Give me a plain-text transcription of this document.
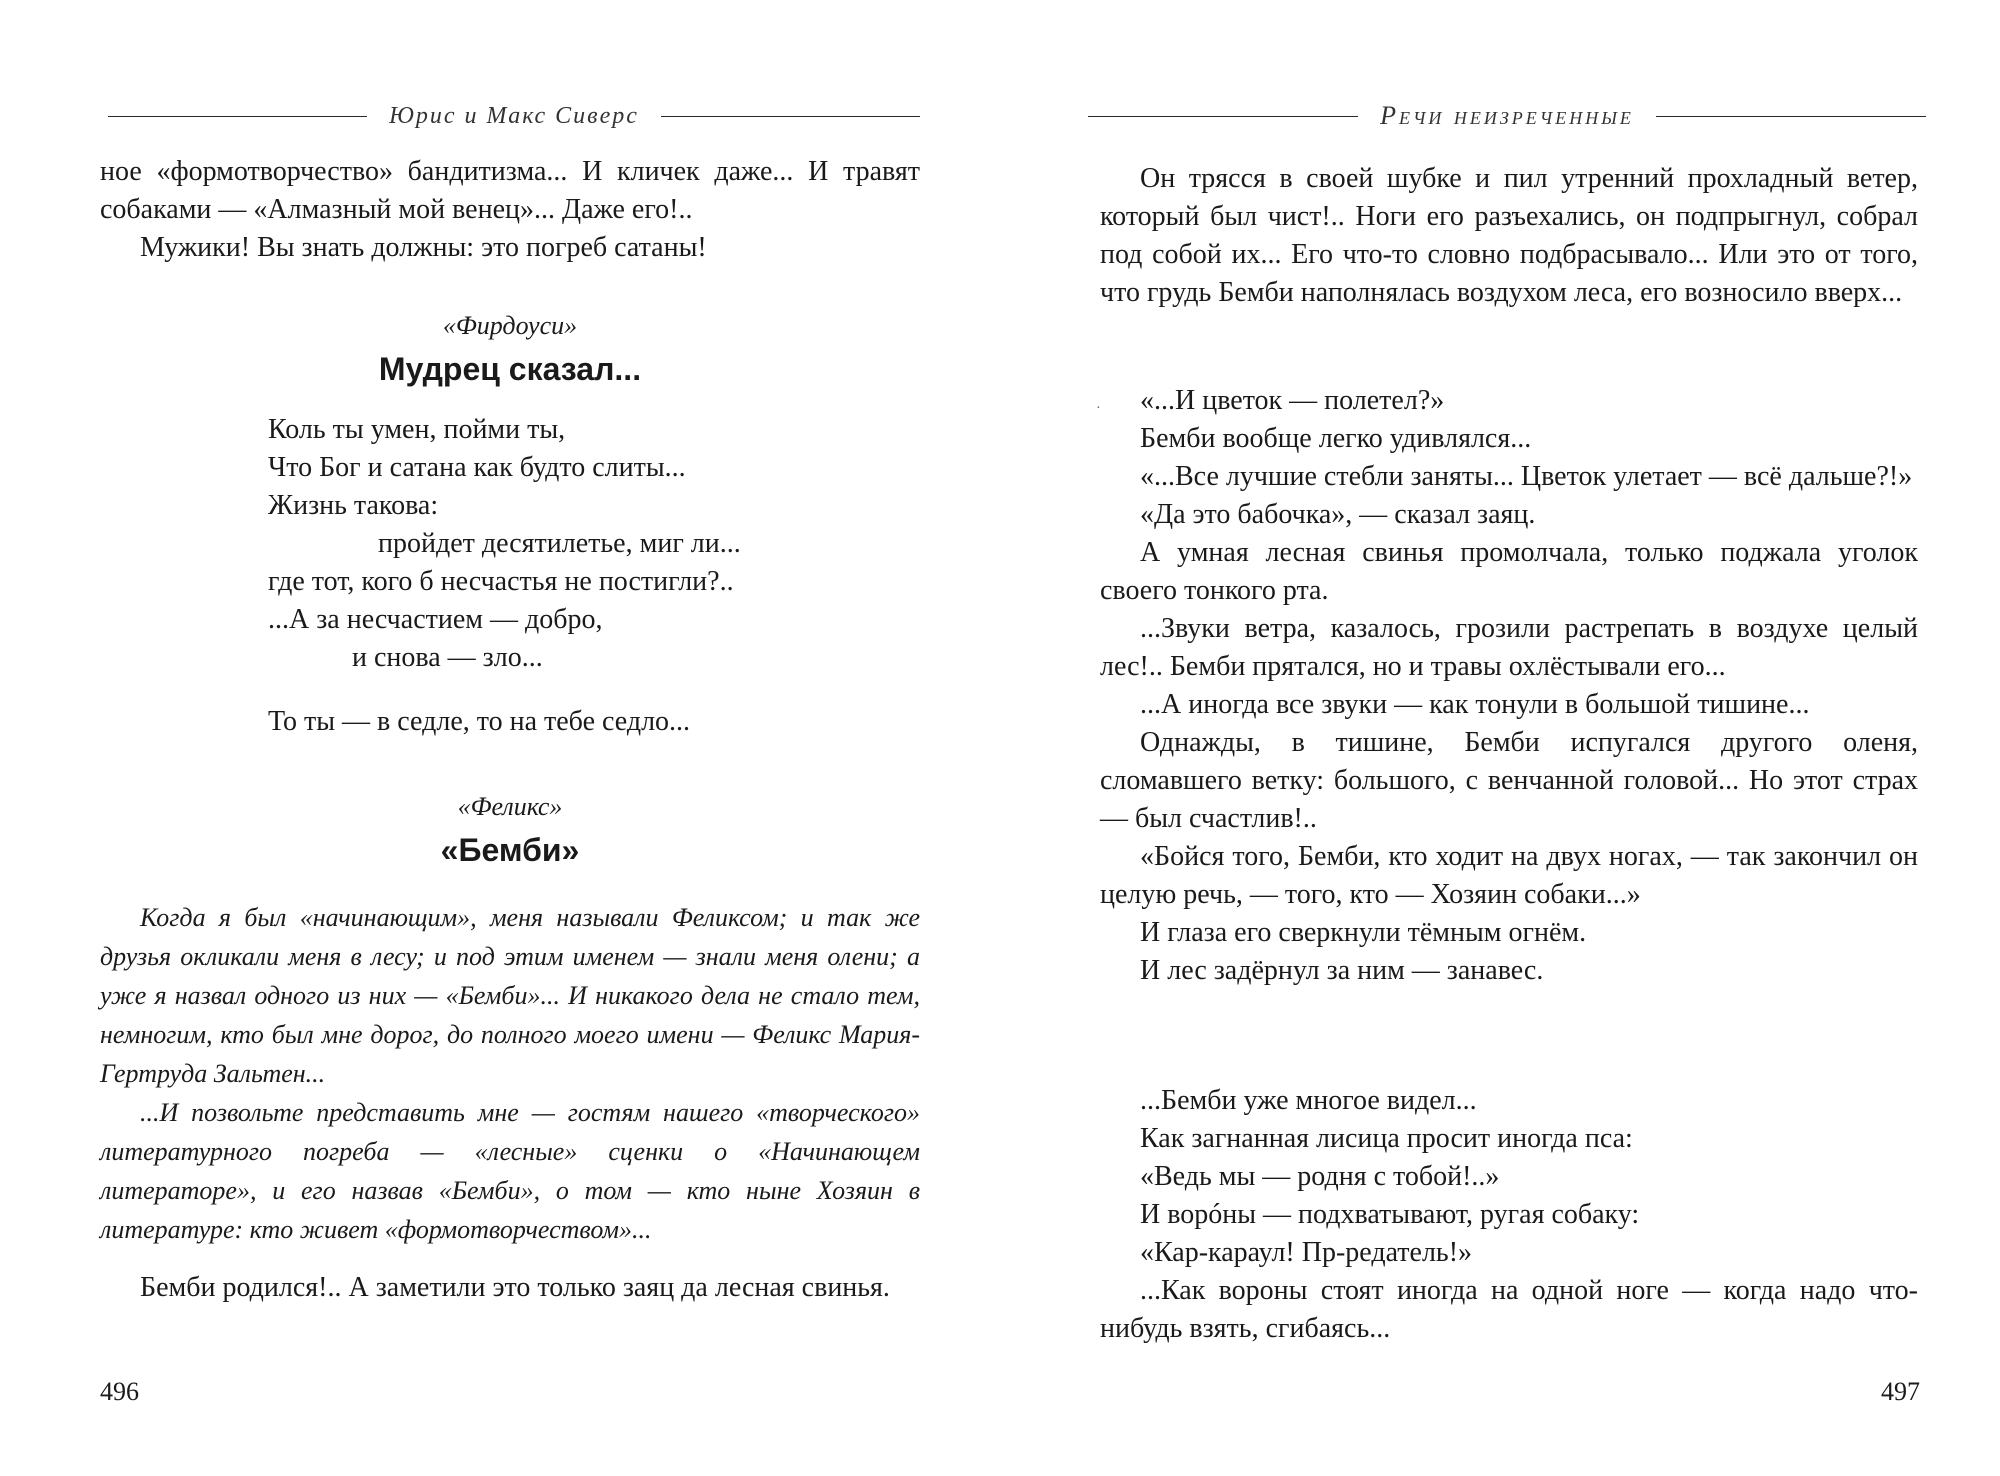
Юрис и Макс Сиверс

ное «формотворчество» бандитизма... И кличек даже... И травят собаками — «Алмазный мой венец»... Даже его!..

Мужики! Вы знать должны: это погреб сатаны!

«Фирдоуси»
Мудрец сказал...
Коль ты умен, пойми ты,
Что Бог и сатана как будто слиты...
Жизнь такова:
пройдет десятилетье, миг ли...
где тот, кого б несчастья не постигли?..
...А за несчастием — добро,
и снова — зло...
То ты — в седле, то на тебе седло...
«Феликс»
«Бемби»

Когда я был «начинающим», меня называли Феликсом; и так же друзья окликали меня в лесу; и под этим именем — знали меня олени; а уже я назвал одного из них — «Бемби»... И никакого дела не стало тем, немногим, кто был мне дорог, до полного моего имени — Феликс Мария-Гертруда Зальтен...

...И позвольте представить мне — гостям нашего «творческого» литературного погреба — «лесные» сценки о «Начинающем литераторе», и его назвав «Бемби», о том — кто ныне Хозяин в литературе: кто живет «формотворчеством»...

Бемби родился!.. А заметили это только заяц да лесная свинья.

496
Речи неизреченные

Он трясся в своей шубке и пил утренний прохладный ветер, который был чист!.. Ноги его разъехались, он подпрыгнул, собрал под собой их... Его что-то словно подбрасывало... Или это от того, что грудь Бемби наполнялась воздухом леса, его возносило вверх...

·	«...И цветок — полетел?»

Бемби вообще легко удивлялся...

«...Все лучшие стебли заняты... Цветок улетает — всё дальше?!»

«Да это бабочка», — сказал заяц.

А умная лесная свинья промолчала, только поджала уголок своего тонкого рта.

...Звуки ветра, казалось, грозили растрепать в воздухе целый лес!.. Бемби прятался, но и травы охлёстывали его...

...А иногда все звуки — как тонули в большой тишине...

Однажды, в тишине, Бемби испугался другого оленя, сломавшего ветку: большого, с венчанной головой... Но этот страх — был счастлив!..

«Бойся того, Бемби, кто ходит на двух ногах, — так закончил он целую речь, — того, кто — Хозяин собаки...»

И глаза его сверкнули тёмным огнём.

И лес задёрнул за ним — занавес.

...Бемби уже многое видел...

Как загнанная лисица просит иногда пса:

«Ведь мы — родня с тобой!..»

И ворóны — подхватывают, ругая собаку:

«Кар-караул! Пр-редатель!»

...Как вороны стоят иногда на одной ноге — когда надо что-нибудь взять, сгибаясь...

497
